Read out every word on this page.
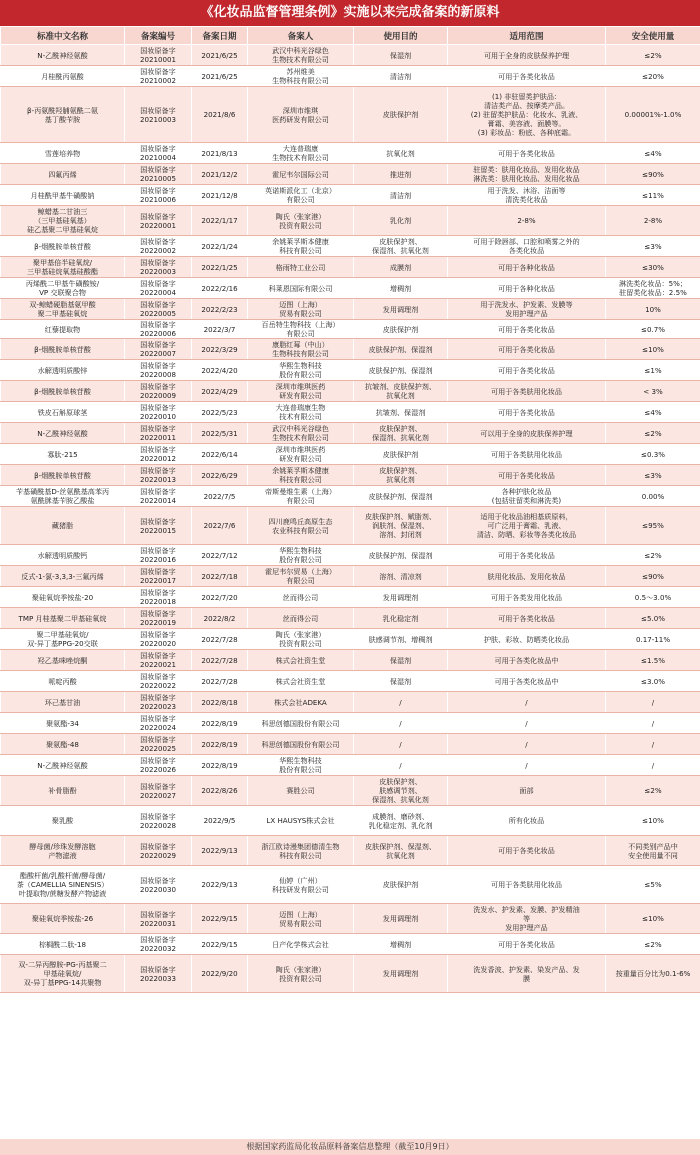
《化妆品监督管理条例》实施以来完成备案的新原料
标准中文名称	备案编号	备案日期	备案人	使用目的	适用范围	安全使用量
N-乙酰神经氨酸	国妆原备字
20210001	2021/6/25	武汉中科光谷绿色
生物技术有限公司	保湿剂	可用于全身的皮肤保养护理	≤2%
月桂酰丙氨酸	国妆原备字
20210002	2021/6/25	苏州维美
生物科技有限公司	清洁剂	可用于各类化妆品	≤20%
β-丙氨酰羟脯氨酰二氨
基丁酸苄胺	国妆原备字
20210003	2021/8/6	深圳市维琪
医药研发有限公司	皮肤保护剂	(1) 非驻留类护肤品：
清洁类产品、按摩类产品。
(2) 驻留类护肤品：化妆水、乳液、
膏霜、美容液、面膜等。
(3) 彩妆品：粉底、各种底霜。	0.00001%-1.0%
雪莲培养物	国妆原备字
20210004	2021/8/13	大连普瑞康
生物技术有限公司	抗氧化剂	可用于各类化妆品	≤4%
四氟丙烯	国妆原备字
20210005	2021/12/2	霍尼韦尔国际公司	推进剂	驻留类：肤用化妆品、发用化妆品
淋洗类：肤用化妆品、发用化妆品	≤90%
月桂酰甲基牛磺酸钠	国妆原备字
20210006	2021/12/8	英诺斯派化工（北京）
有限公司	清洁剂	用于洗发、沐浴、洁面等
清洗类化妆品	≤11%
鲸蜡基二甘油三
（三甲基硅氧基）
硅乙基聚二甲基硅氧烷	国妆原备字
20220001	2022/1/17	陶氏（张家港）
投资有限公司	乳化剂	2-8%	2-8%
β-烟酰胺单核苷酸	国妆原备字
20220002	2022/1/24	余姚莱孚斯本健康
科技有限公司	皮肤保护剂、
保湿剂、抗氧化剂	可用于除唇部、口腔和喷雾之外的
各类化妆品	≤3%
聚甲基倍半硅氧烷/
三甲基硅烷氧基硅酸酯	国妆原备字
20220003	2022/1/25	格雨特工业公司	成膜剂	可用于各种化妆品	≤30%
丙烯酰二甲基牛磺酸铵/
VP 交联聚合物	国妆原备字
20220004	2022/2/16	科莱恩国际有限公司	增稠剂	可用于各种化妆品	淋洗类化妆品：5%；
驻留类化妆品：2.5%
双-鲸蜡硬脂基氨甲酸
聚二甲基硅氧烷	国妆原备字
20220005	2022/2/23	迈图（上海）
贸易有限公司	发用调理剂	用于洗发水、护发素、发膜等
发用护理产品	10%
红藜提取物	国妆原备字
20220006	2022/3/7	百岳特生物科技（上海）
有限公司	皮肤保护剂	可用于各类化妆品	≤0.7%
β-烟酰胺单核苷酸	国妆原备字
20220007	2022/3/29	康脂红莓（中山）
生物科技有限公司	皮肤保护剂、保湿剂	可用于各类化妆品	≤10%
水解透明质酸锌	国妆原备字
20220008	2022/4/20	华熙生物科技
股份有限公司	皮肤保护剂、保湿剂	可用于各类化妆品	≤1%
β-烟酰胺单核苷酸	国妆原备字
20220009	2022/4/29	深圳市维琪医药
研发有限公司	抗皱剂、皮肤保护剂、
抗氧化剂	可用于各类肤用化妆品	< 3%
铁皮石斛原球茎	国妆原备字
20220010	2022/5/23	大连普瑞康生物
技术有限公司	抗皱剂、保湿剂	可用于各类化妆品	≤4%
N-乙酰神经氨酸	国妆原备字
20220011	2022/5/31	武汉中科光谷绿色
生物技术有限公司	皮肤保护剂、
保湿剂、抗氧化剂	可以用于全身的皮肤保养护理	≤2%
寡肽-215	国妆原备字
20220012	2022/6/14	深圳市维琪医药
研发有限公司	皮肤保护剂	可用于各类肤用化妆品	≤0.3%
β-烟酰胺单核苷酸	国妆原备字
20220013	2022/6/29	余姚莱孚斯本健康
科技有限公司	皮肤保护剂、
抗氧化剂	可用于各类化妆品	≤3%
苄基磺酰基D-丝氨酰基高苯丙
氨酰脒基苄胺乙酸盐	国妆原备字
20220014	2022/7/5	帝斯曼维生素（上海）
有限公司	皮肤保护剂、保湿剂	各种护肤化妆品
(包括驻留类和淋洗类)	0.00%
藏猪脂	国妆原备字
20220015	2022/7/6	四川鹿鸣丘高原生态
农业科技有限公司	皮肤保护剂、赋脂剂、
润肤剂、保湿剂、
溶剂、封闭剂	适用于化妆品油相基质原料，
可广泛用于膏霜、乳液、
清洁、防晒、彩妆等各类化妆品	≤95%
水解透明质酸钙	国妆原备字
20220016	2022/7/12	华熙生物科技
股份有限公司	皮肤保护剂、保湿剂	可用于各类化妆品	≤2%
反式-1-氯-3,3,3-三氟丙烯	国妆原备字
20220017	2022/7/18	霍尼韦尔贸易（上海）
有限公司	溶剂、清凉剂	肤用化妆品、发用化妆品	≤90%
聚硅氧烷季铵盐-20	国妆原备字
20220018	2022/7/20	丝而得公司	发用调理剂	可用于各类发用化妆品	0.5～3.0%
TMP 月桂基聚二甲基硅氧烷	国妆原备字
20220019	2022/8/2	丝而得公司	乳化稳定剂	可用于各类化妆品	≤5.0%
聚二甲基硅氧烷/
双-异丁基PPG-20交联	国妆原备字
20220020	2022/7/28	陶氏（张家港）
投资有限公司	肤感调节剂、增稠剂	护肤、彩妆、防晒类化妆品	0.17-11%
羟乙基咪唑烷酮	国妆原备字
20220021	2022/7/28	株式会社资生堂	保湿剂	可用于各类化妆品中	≤1.5%
哌啶丙酸	国妆原备字
20220022	2022/7/28	株式会社资生堂	保湿剂	可用于各类化妆品中	≤3.0%
环己基甘油	国妆原备字
20220023	2022/8/18	株式会社ADEKA	/	/	/
聚氨酯-34	国妆原备字
20220024	2022/8/19	科思创德国股份有限公司	/	/	/
聚氨酯-48	国妆原备字
20220025	2022/8/19	科思创德国股份有限公司	/	/	/
N-乙酰神经氨酸	国妆原备字
20220026	2022/8/19	华熙生物科技
股份有限公司	/	/	/
补骨脂酚	国妆原备字
20220027	2022/8/26	赛胜公司	皮肤保护剂、
肤感调节剂、
保湿剂、抗氧化剂	面部	≤2%
聚乳酸	国妆原备字
20220028	2022/9/5	LX HAUSYS株式会社	成膜剂、磨砂剂、
乳化稳定剂、乳化剂	所有化妆品	≤10%
酵母菌/珍珠发酵溶胞
产物滤液	国妆原备字
20220029	2022/9/13	浙江欧诗漫集团德清生物
科技有限公司	皮肤保护剂、保湿剂、
抗氧化剂	可用于各类化妆品	不同类别产品中
安全使用量不同
酯酸杆菌/乳酸杆菌/酵母菌/
茶（CAMELLIA SINENSIS）
叶提取物/蔗糖发酵产物滤液	国妆原备字
20220030	2022/9/13	仙婷（广州）
科技研发有限公司	皮肤保护剂	可用于各类肤用化妆品	≤5%
聚硅氧烷季铵盐-26	国妆原备字
20220031	2022/9/15	迈图（上海）
贸易有限公司	发用调理剂	洗发水、护发素、发膜、护发精油
等
发用护理产品	≤10%
棕榈酰二肽-18	国妆原备字
20220032	2022/9/15	日产化学株式会社	增稠剂	可用于各类化妆品	≤2%
双-二异丙醇胺-PG-丙基聚二
甲基硅氧烷/
双-异丁基PPG-14共聚物	国妆原备字
20220033	2022/9/20	陶氏（张家港）
投资有限公司	发用调理剂	洗发香波、护发素、染发产品、发
膜	按重量百分比为0.1-6%
根据国家药监局化妆品原料备案信息整理（截至10月9日）
